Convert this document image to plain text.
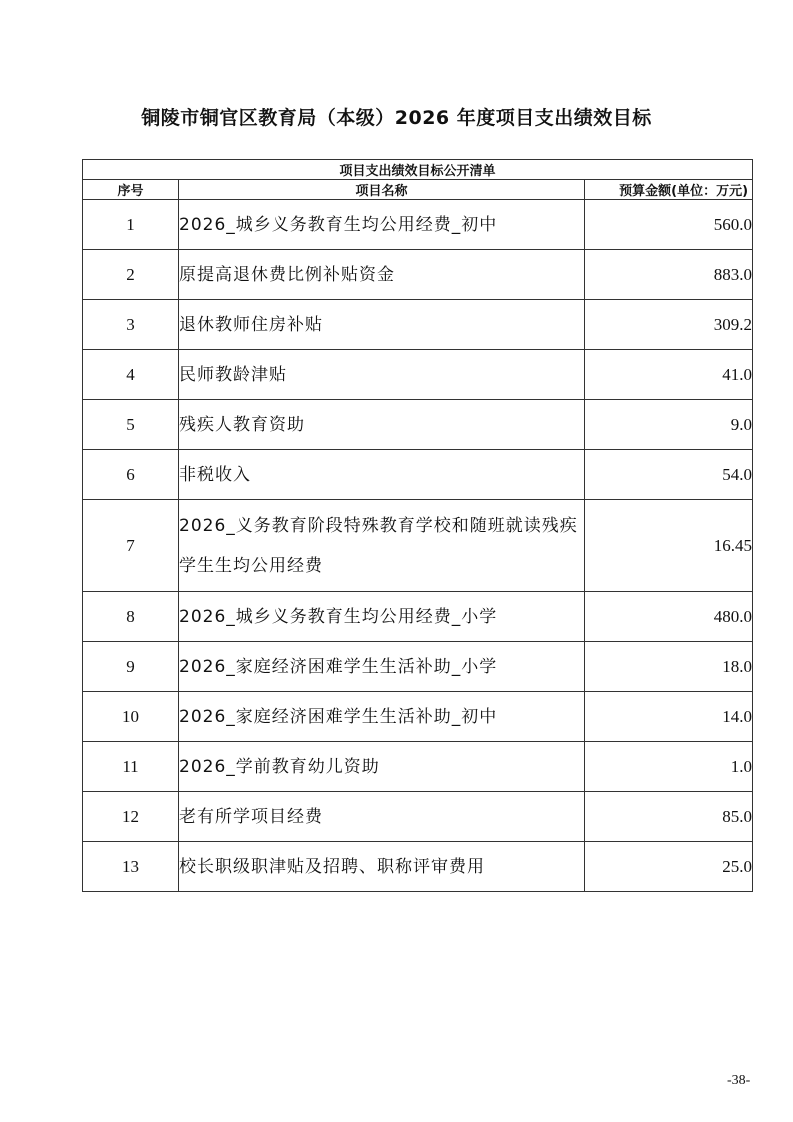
铜陵市铜官区教育局（本级）2026 年度项目支出绩效目标
项目支出绩效目标公开清单		
序号	项目名称	预算金额(单位：万元)
1	2026_城乡义务教育生均公用经费_初中	560.0
2	原提高退休费比例补贴资金	883.0
3	退休教师住房补贴	309.2
4	民师教龄津贴	41.0
5	残疾人教育资助	9.0
6	非税收入	54.0
7	2026_义务教育阶段特殊教育学校和随班就读残疾学生生均公用经费	16.45
8	2026_城乡义务教育生均公用经费_小学	480.0
9	2026_家庭经济困难学生生活补助_小学	18.0
10	2026_家庭经济困难学生生活补助_初中	14.0
11	2026_学前教育幼儿资助	1.0
12	老有所学项目经费	85.0
13	校长职级职津贴及招聘、职称评审费用	25.0
-38-
